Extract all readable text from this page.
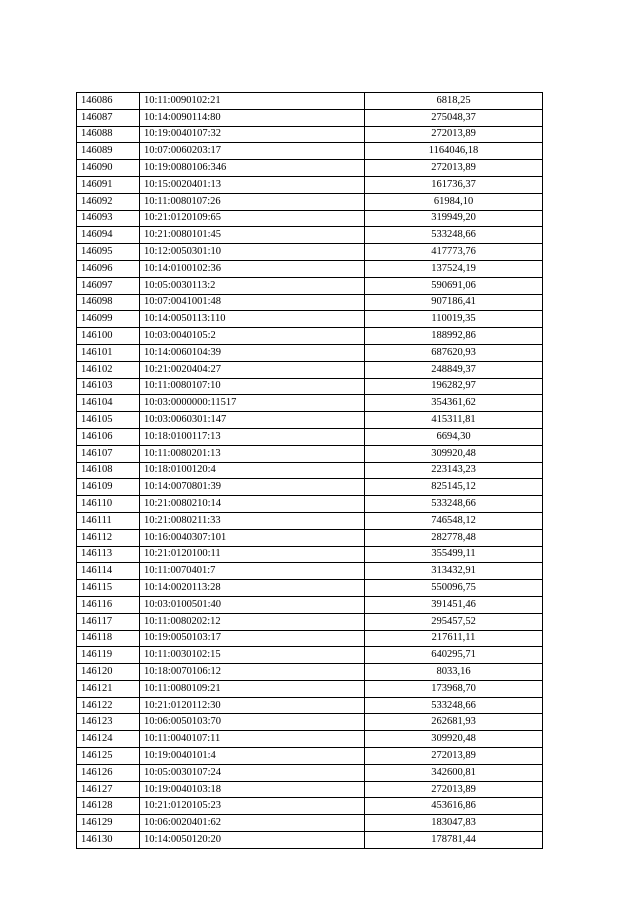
146086	10:11:0090102:21	6818,25
146087	10:14:0090114:80	275048,37
146088	10:19:0040107:32	272013,89
146089	10:07:0060203:17	1164046,18
146090	10:19:0080106:346	272013,89
146091	10:15:0020401:13	161736,37
146092	10:11:0080107:26	61984,10
146093	10:21:0120109:65	319949,20
146094	10:21:0080101:45	533248,66
146095	10:12:0050301:10	417773,76
146096	10:14:0100102:36	137524,19
146097	10:05:0030113:2	590691,06
146098	10:07:0041001:48	907186,41
146099	10:14:0050113:110	110019,35
146100	10:03:0040105:2	188992,86
146101	10:14:0060104:39	687620,93
146102	10:21:0020404:27	248849,37
146103	10:11:0080107:10	196282,97
146104	10:03:0000000:11517	354361,62
146105	10:03:0060301:147	415311,81
146106	10:18:0100117:13	6694,30
146107	10:11:0080201:13	309920,48
146108	10:18:0100120:4	223143,23
146109	10:14:0070801:39	825145,12
146110	10:21:0080210:14	533248,66
146111	10:21:0080211:33	746548,12
146112	10:16:0040307:101	282778,48
146113	10:21:0120100:11	355499,11
146114	10:11:0070401:7	313432,91
146115	10:14:0020113:28	550096,75
146116	10:03:0100501:40	391451,46
146117	10:11:0080202:12	295457,52
146118	10:19:0050103:17	217611,11
146119	10:11:0030102:15	640295,71
146120	10:18:0070106:12	8033,16
146121	10:11:0080109:21	173968,70
146122	10:21:0120112:30	533248,66
146123	10:06:0050103:70	262681,93
146124	10:11:0040107:11	309920,48
146125	10:19:0040101:4	272013,89
146126	10:05:0030107:24	342600,81
146127	10:19:0040103:18	272013,89
146128	10:21:0120105:23	453616,86
146129	10:06:0020401:62	183047,83
146130	10:14:0050120:20	178781,44
